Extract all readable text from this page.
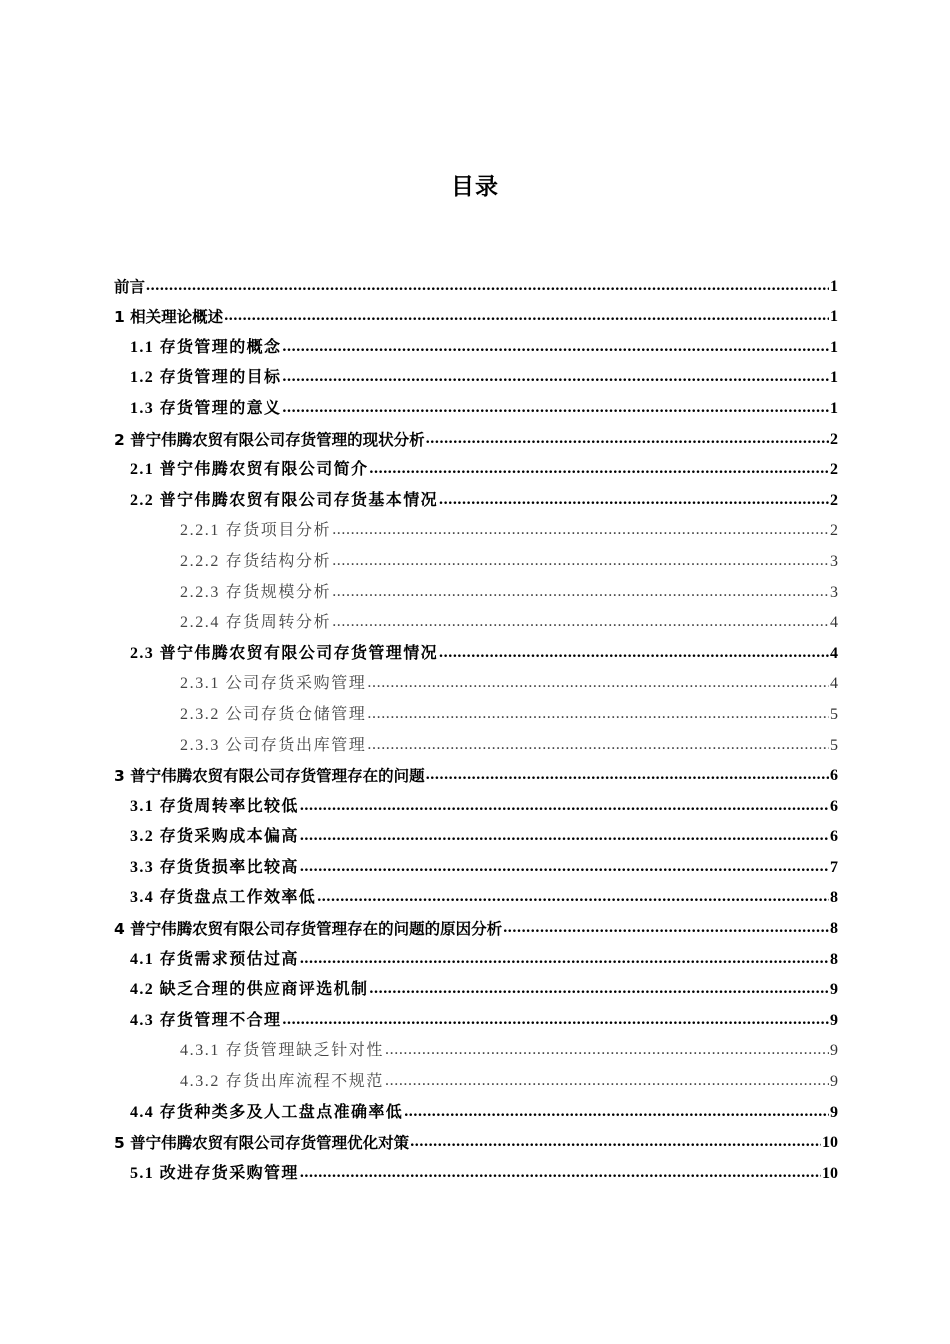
目录
前言 .....	1
1 相关理论概述 .....	1
1.1 存货管理的概念 .....	1
1.2 存货管理的目标 .....	1
1.3 存货管理的意义 .....	1
2 普宁伟腾农贸有限公司存货管理的现状分析 .....	2
2.1 普宁伟腾农贸有限公司简介 .....	2
2.2 普宁伟腾农贸有限公司存货基本情况 .....	2
2.2.1 存货项目分析 .....	2
2.2.2 存货结构分析 .....	3
2.2.3 存货规模分析 .....	3
2.2.4 存货周转分析 .....	4
2.3 普宁伟腾农贸有限公司存货管理情况 .....	4
2.3.1 公司存货采购管理 .....	4
2.3.2 公司存货仓储管理 .....	5
2.3.3 公司存货出库管理 .....	5
3 普宁伟腾农贸有限公司存货管理存在的问题 .....	6
3.1 存货周转率比较低 .....	6
3.2 存货采购成本偏高 .....	6
3.3 存货货损率比较高 .....	7
3.4 存货盘点工作效率低 .....	8
4 普宁伟腾农贸有限公司存货管理存在的问题的原因分析 .....	8
4.1 存货需求预估过高 .....	8
4.2 缺乏合理的供应商评选机制 .....	9
4.3 存货管理不合理 .....	9
4.3.1 存货管理缺乏针对性 .....	9
4.3.2 存货出库流程不规范 .....	9
4.4 存货种类多及人工盘点准确率低 .....	9
5 普宁伟腾农贸有限公司存货管理优化对策 .....	10
5.1 改进存货采购管理 .....	10
